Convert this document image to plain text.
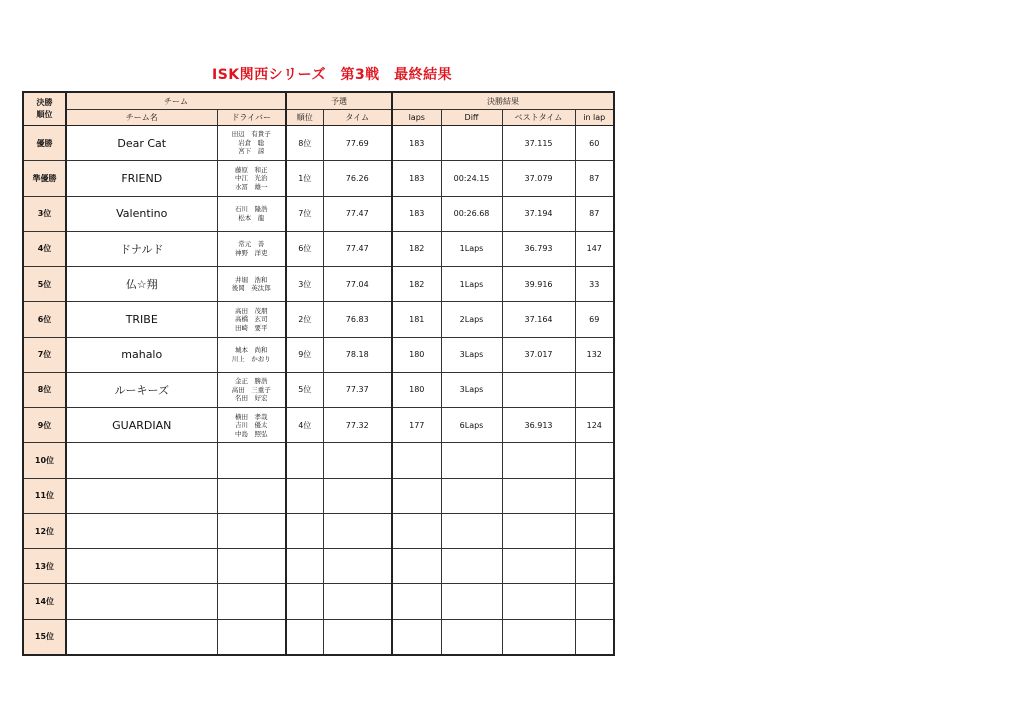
ISK関西シリーズ　第3戦　最終結果
決勝
順位	チーム		予選		決勝結果			
	チーム名	ドライバー	順位	タイム	laps	Diff	ベストタイム	in lap
優勝	Dear Cat	田辺　有貴子
岩倉　聡
宮下　諒	8位	77.69	183		37.115	60
準優勝	FRIEND	藤原　和正
中江　光治
水冨　雄一	1位	76.26	183	00:24.15	37.079	87
3位	Valentino	石川　隆浩
松本　龍	7位	77.47	183	00:26.68	37.194	87
4位	ドナルド	常元　善
神野　洋吏	6位	77.47	182	1Laps	36.793	147
5位	仏☆翔	井堀　浩和
後岡　英汰郎	3位	77.04	182	1Laps	39.916	33
6位	TRIBE	高田　茂朋
高橋　玄司
田崎　要平	2位	76.83	181	2Laps	37.164	69
7位	mahalo	城本　尚和
川上　かおり	9位	78.18	180	3Laps	37.017	132
8位	ルーキーズ	金正　勝浩
高田　三重子
名田　好宏	5位	77.37	180	3Laps		
9位	GUARDIAN	横田　孝哉
吉川　優太
中島　照弘	4位	77.32	177	6Laps	36.913	124
10位								
11位								
12位								
13位								
14位								
15位								
